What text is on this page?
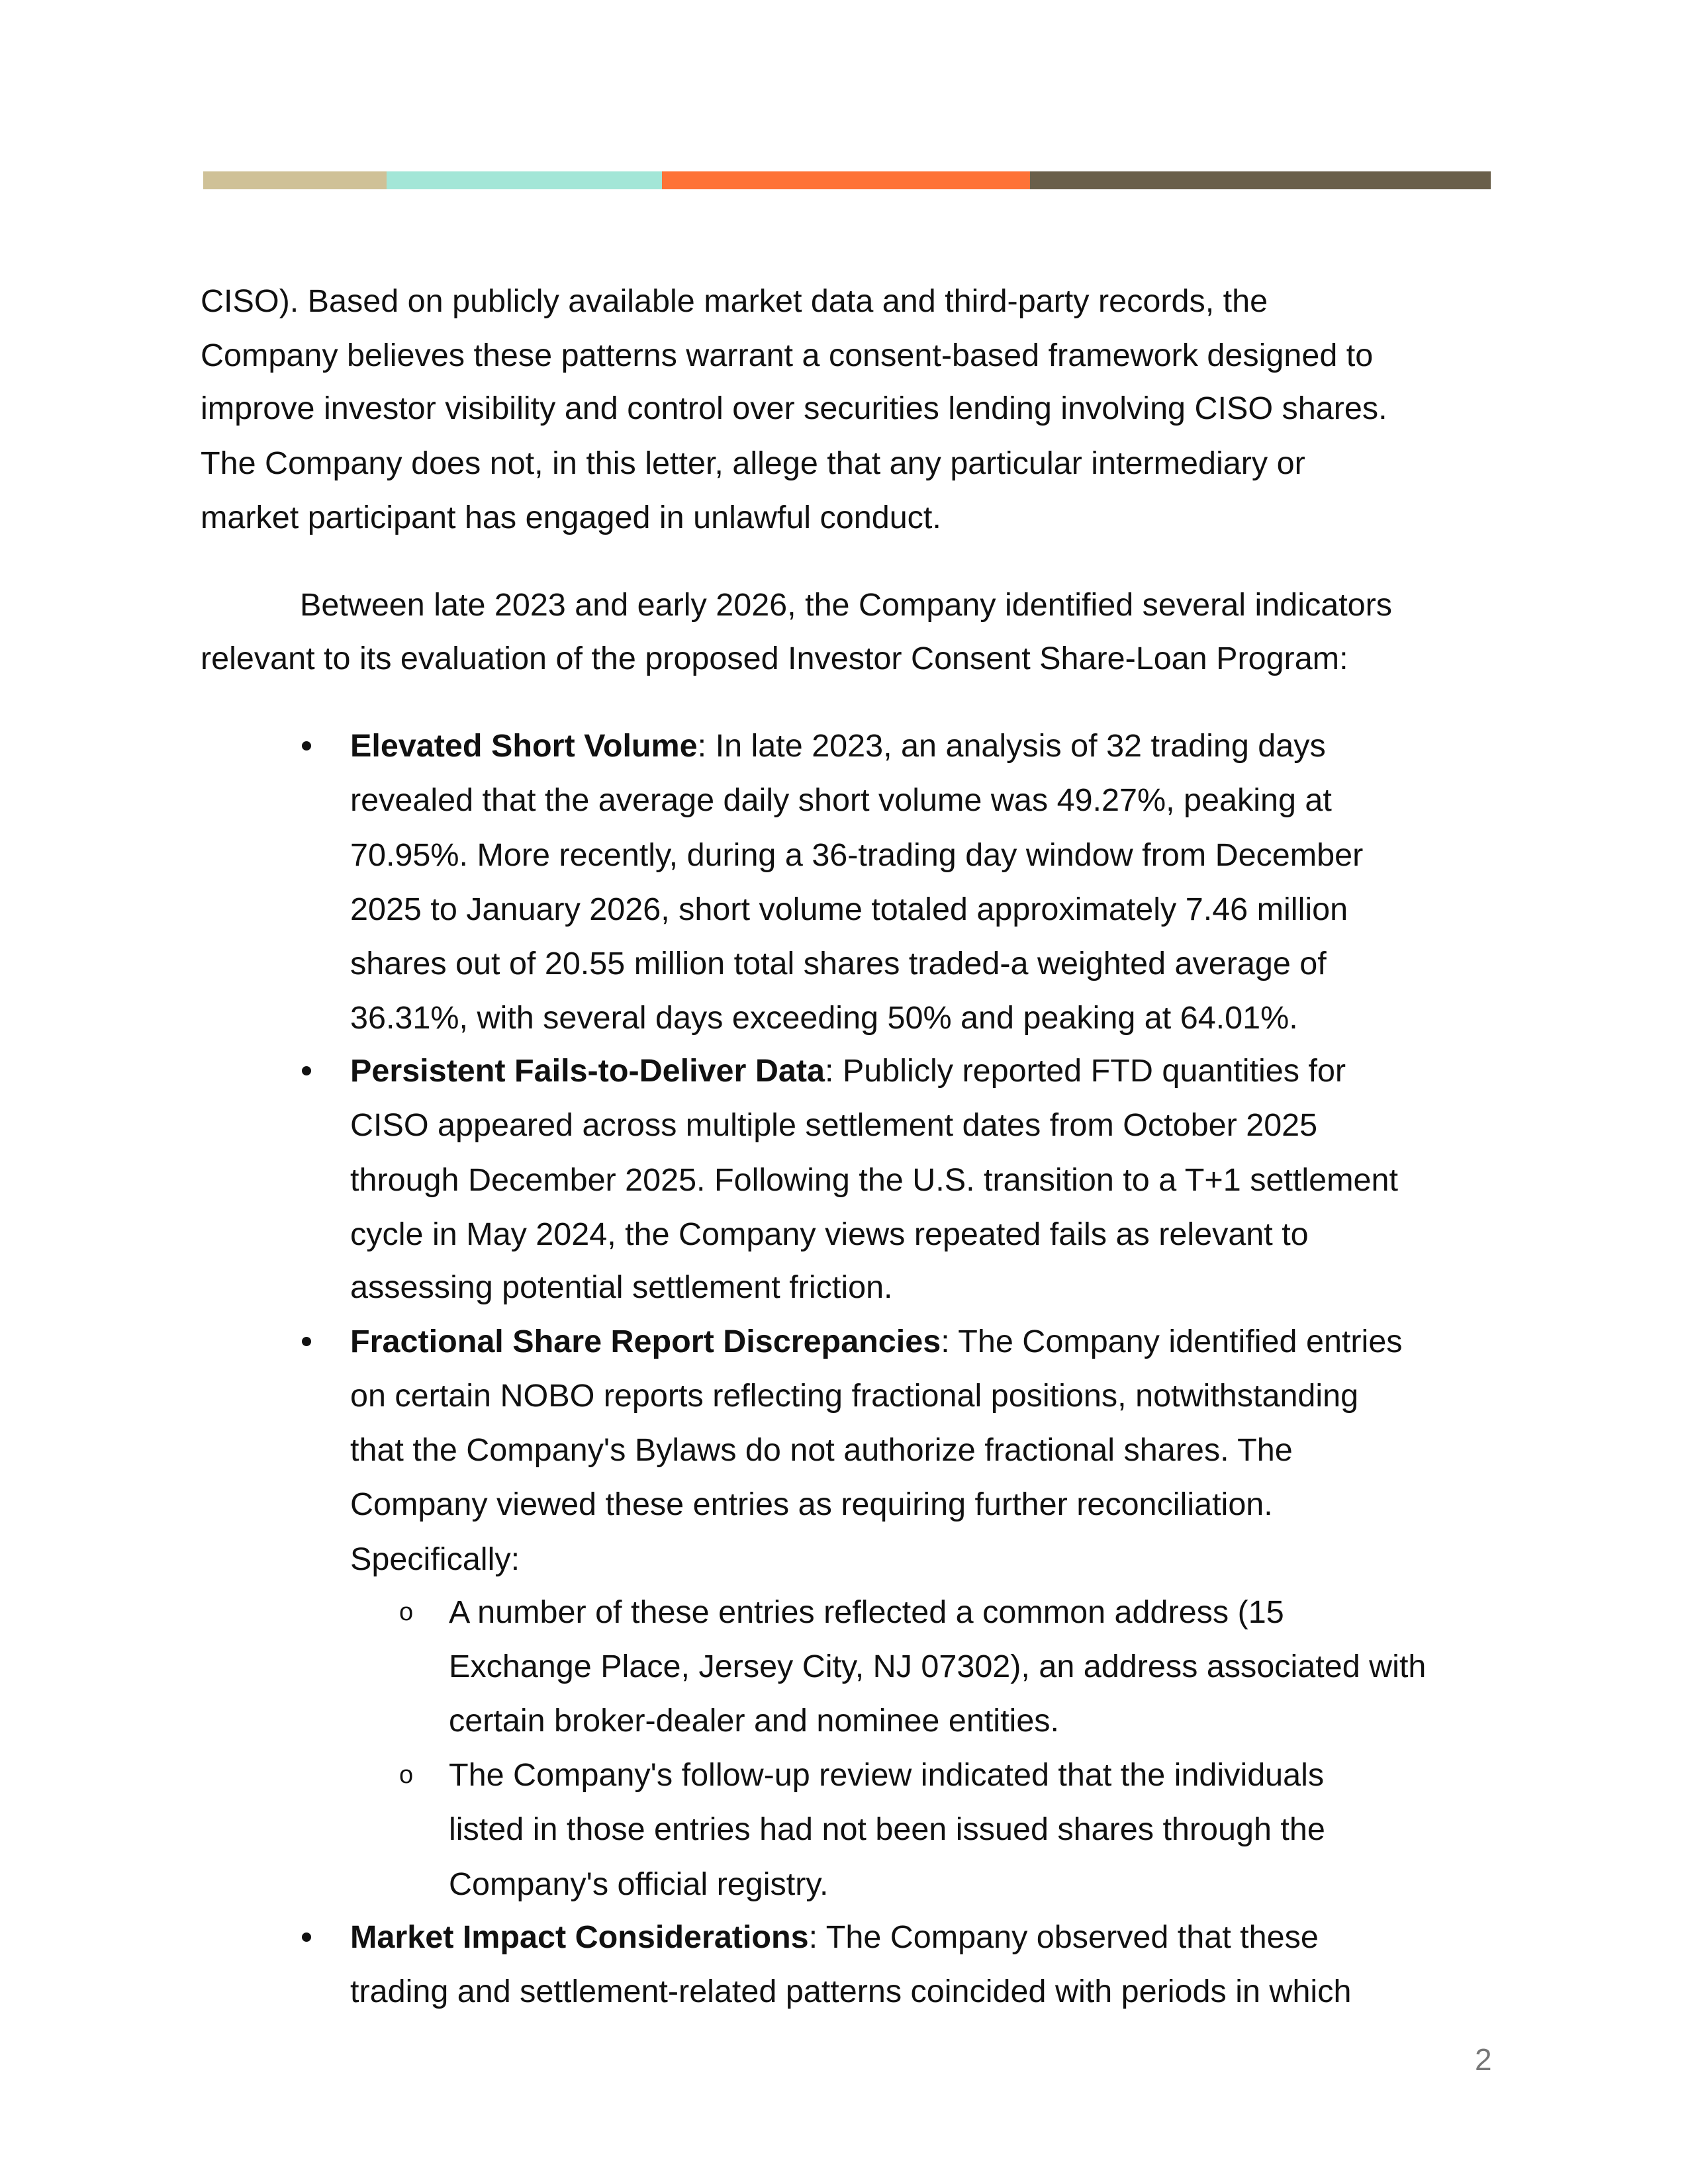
CISO). Based on publicly available market data and third-party records, the
Company believes these patterns warrant a consent-based framework designed to
improve investor visibility and control over securities lending involving CISO shares.
The Company does not, in this letter, allege that any particular intermediary or
market participant has engaged in unlawful conduct.
Between late 2023 and early 2026, the Company identified several indicators
relevant to its evaluation of the proposed Investor Consent Share-Loan Program:
Elevated Short Volume: In late 2023, an analysis of 32 trading days
revealed that the average daily short volume was 49.27%, peaking at
70.95%. More recently, during a 36-trading day window from December
2025 to January 2026, short volume totaled approximately 7.46 million
shares out of 20.55 million total shares traded-a weighted average of
36.31%, with several days exceeding 50% and peaking at 64.01%.
Persistent Fails-to-Deliver Data: Publicly reported FTD quantities for
CISO appeared across multiple settlement dates from October 2025
through December 2025. Following the U.S. transition to a T+1 settlement
cycle in May 2024, the Company views repeated fails as relevant to
assessing potential settlement friction.
Fractional Share Report Discrepancies: The Company identified entries
on certain NOBO reports reflecting fractional positions, notwithstanding
that the Company's Bylaws do not authorize fractional shares. The
Company viewed these entries as requiring further reconciliation.
Specifically:
o A number of these entries reflected a common address (15
Exchange Place, Jersey City, NJ 07302), an address associated with
certain broker-dealer and nominee entities.
o The Company's follow-up review indicated that the individuals
listed in those entries had not been issued shares through the
Company's official registry.
Market Impact Considerations: The Company observed that these
trading and settlement-related patterns coincided with periods in which
2
